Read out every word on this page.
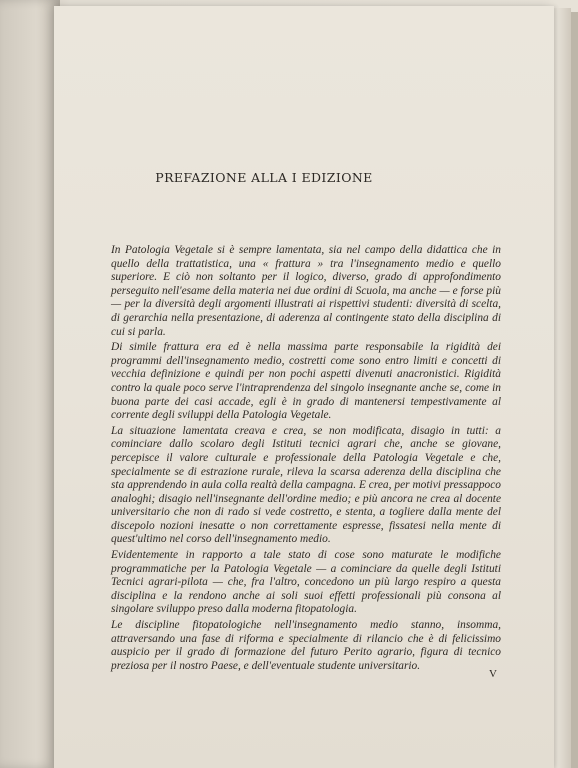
PREFAZIONE ALLA I EDIZIONE

In Patologia Vegetale si è sempre lamentata, sia nel campo della didattica che in quello della trattatistica, una « frattura » tra l'insegnamento medio e quello superiore. E ciò non soltanto per il logico, diverso, grado di approfondimento perseguito nell'esame della materia nei due ordini di Scuola, ma anche — e forse più — per la diversità degli argomenti illustrati ai rispettivi studenti: diversità di scelta, di gerarchia nella presentazione, di aderenza al contingente stato della disciplina di cui si parla.

Di simile frattura era ed è nella massima parte responsabile la rigidità dei programmi dell'insegnamento medio, costretti come sono entro limiti e concetti di vecchia definizione e quindi per non pochi aspetti divenuti anacronistici. Rigidità contro la quale poco serve l'intraprendenza del singolo insegnante anche se, come in buona parte dei casi accade, egli è in grado di mantenersi tempestivamente al corrente degli sviluppi della Patologia Vegetale.

La situazione lamentata creava e crea, se non modificata, disagio in tutti: a cominciare dallo scolaro degli Istituti tecnici agrari che, anche se giovane, percepisce il valore culturale e professionale della Patologia Vegetale e che, specialmente se di estrazione rurale, rileva la scarsa aderenza della disciplina che sta apprendendo in aula colla realtà della campagna. E crea, per motivi pressappoco analoghi; disagio nell'insegnante dell'ordine medio; e più ancora ne crea al docente universitario che non di rado si vede costretto, e stenta, a togliere dalla mente del discepolo nozioni inesatte o non correttamente espresse, fissatesi nella mente di quest'ultimo nel corso dell'insegnamento medio.

Evidentemente in rapporto a tale stato di cose sono maturate le modifiche programmatiche per la Patologia Vegetale — a cominciare da quelle degli Istituti Tecnici agrari-pilota — che, fra l'altro, concedono un più largo respiro a questa disciplina e la rendono anche ai soli suoi effetti professionali più consona al singolare sviluppo preso dalla moderna fitopatologia.

Le discipline fitopatologiche nell'insegnamento medio stanno, insomma, attraversando una fase di riforma e specialmente di rilancio che è di felicissimo auspicio per il grado di formazione del futuro Perito agrario, figura di tecnico preziosa per il nostro Paese, e dell'eventuale studente universitario.

V
